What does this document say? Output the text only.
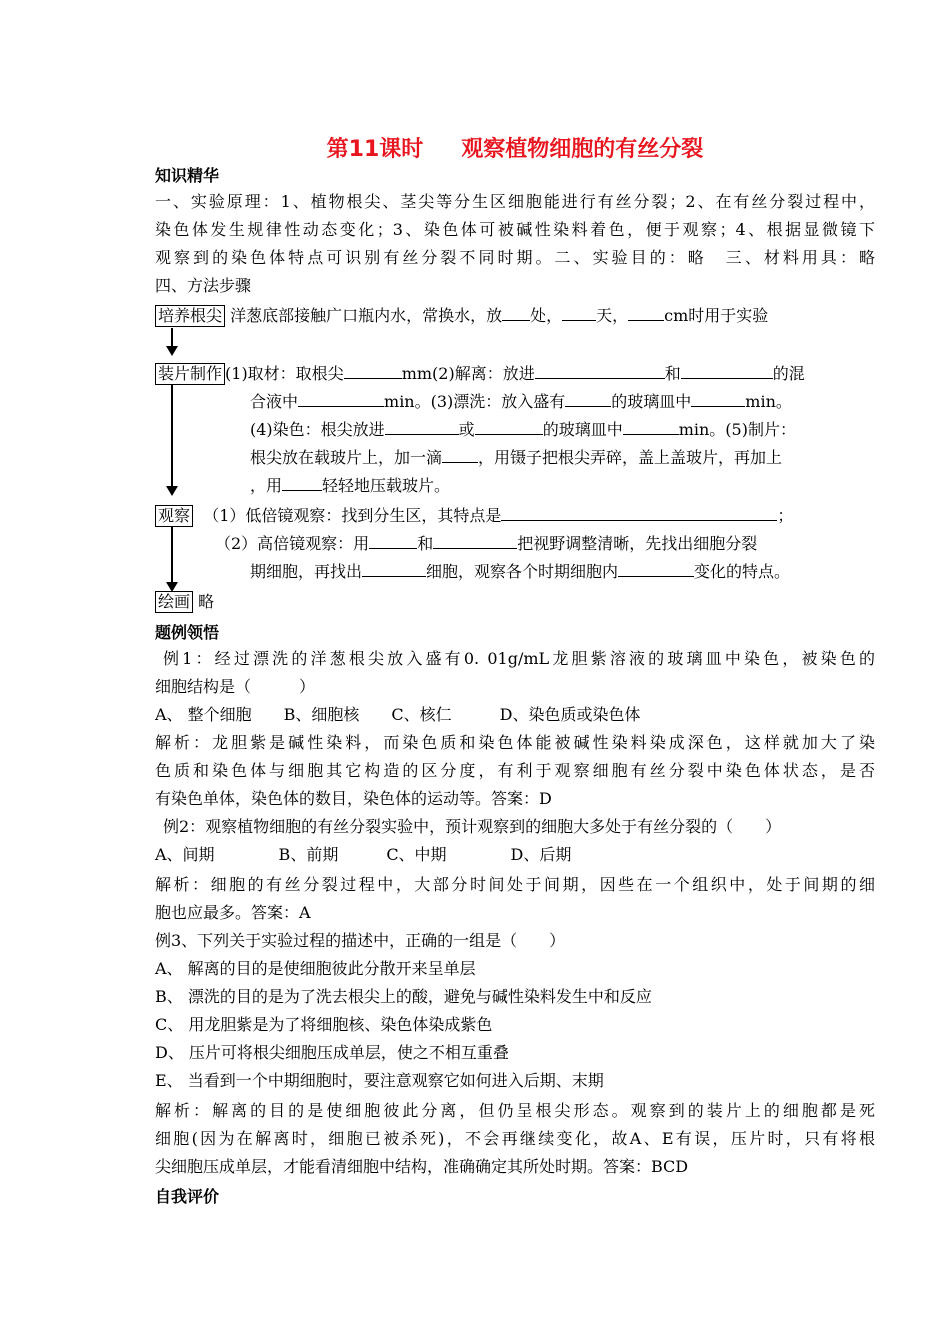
第11课时 观察植物细胞的有丝分裂
知识精华
一、实验原理：1、植物根尖、茎尖等分生区细胞能进行有丝分裂；2、在有丝分裂过程中，
染色体发生规律性动态变化；3、染色体可被碱性染料着色，便于观察；4、根据显微镜下
观察到的染色体特点可识别有丝分裂不同时期。二、实验目的：略　三、材料用具：略
四、方法步骤
培养根尖 洋葱底部接触广口瓶内水，常换水，放 处， 天， cm时用于实验
装片制作 (1)取材：取根尖	mm(2)解离：放进	和	的混
合液中	min。(3)漂洗：放入盛有	的玻璃皿中	min。
(4)染色：根尖放进	或	的玻璃皿中	min。(5)制片：
根尖放在载玻片上，加一滴 ，用镊子把根尖弄碎，盖上盖玻片，再加上
，用	轻轻地压载玻片。
观察 （1）低倍镜观察：找到分生区，其特点是	；
（2）高倍镜观察：用	和	把视野调整清晰，先找出细胞分裂
期细胞，再找出	细胞，观察各个时期细胞内	变化的特点。
绘画 略
题例领悟
例1：经过漂洗的洋葱根尖放入盛有0. 01g/mL龙胆紫溶液的玻璃皿中染色，被染色的
细胞结构是（　　　）
A、 整个细胞　　B、细胞核　　C、核仁　　　D、染色质或染色体
解析：龙胆紫是碱性染料，而染色质和染色体能被碱性染料染成深色，这样就加大了染
色质和染色体与细胞其它构造的区分度，有利于观察细胞有丝分裂中染色体状态，是否
有染色单体，染色体的数目，染色体的运动等。答案：D
例2：观察植物细胞的有丝分裂实验中，预计观察到的细胞大多处于有丝分裂的（　　）
A、间期　　　　B、前期　　　C、中期　　　　D、后期
解析：细胞的有丝分裂过程中，大部分时间处于间期，因些在一个组织中，处于间期的细
胞也应最多。答案：A
例3、下列关于实验过程的描述中，正确的一组是（　　）
A、 解离的目的是使细胞彼此分散开来呈单层
B、 漂洗的目的是为了洗去根尖上的酸，避免与碱性染料发生中和反应
C、 用龙胆紫是为了将细胞核、染色体染成紫色
D、 压片可将根尖细胞压成单层，使之不相互重叠
E、 当看到一个中期细胞时，要注意观察它如何进入后期、末期
解析：解离的目的是使细胞彼此分离，但仍呈根尖形态。观察到的装片上的细胞都是死
细胞(因为在解离时，细胞已被杀死)，不会再继续变化，故A、E有误，压片时，只有将根
尖细胞压成单层，才能看清细胞中结构，准确确定其所处时期。答案：BCD
自我评价
